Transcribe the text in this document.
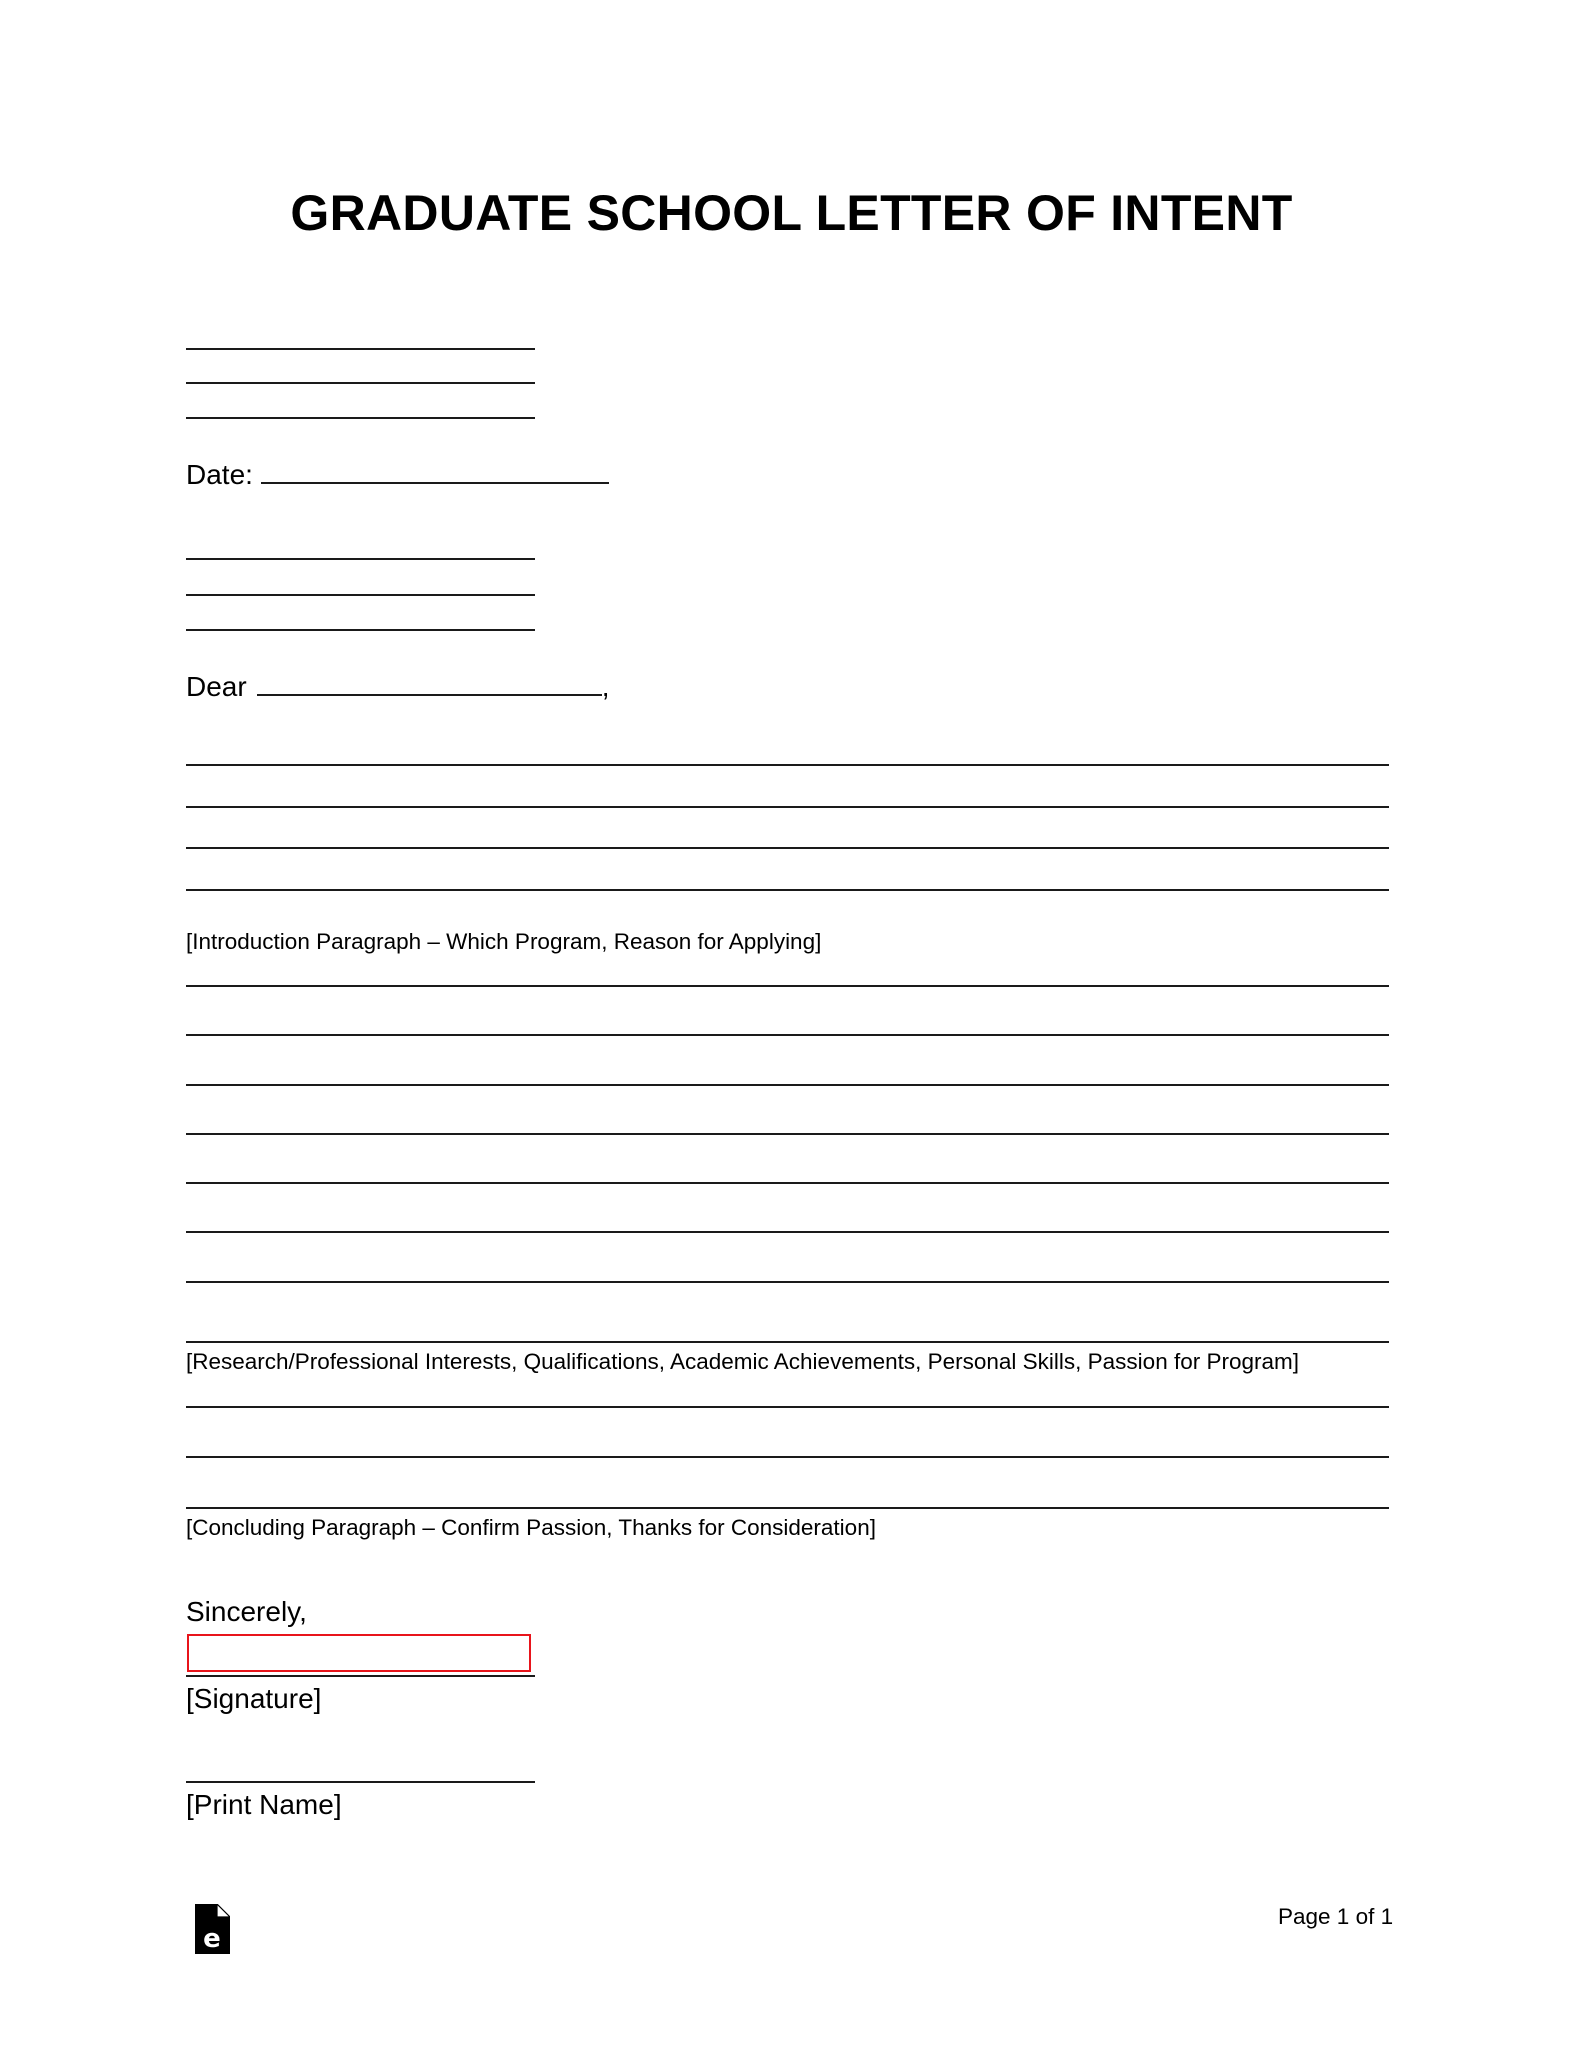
GRADUATE SCHOOL LETTER OF INTENT
Date:
Dear	,
[Introduction Paragraph – Which Program, Reason for Applying]
[Research/Professional Interests, Qualifications, Academic Achievements, Personal Skills, Passion for Program]
[Concluding Paragraph – Confirm Passion, Thanks for Consideration]
Sincerely,
[Signature]
[Print Name]
e
Page 1 of 1
